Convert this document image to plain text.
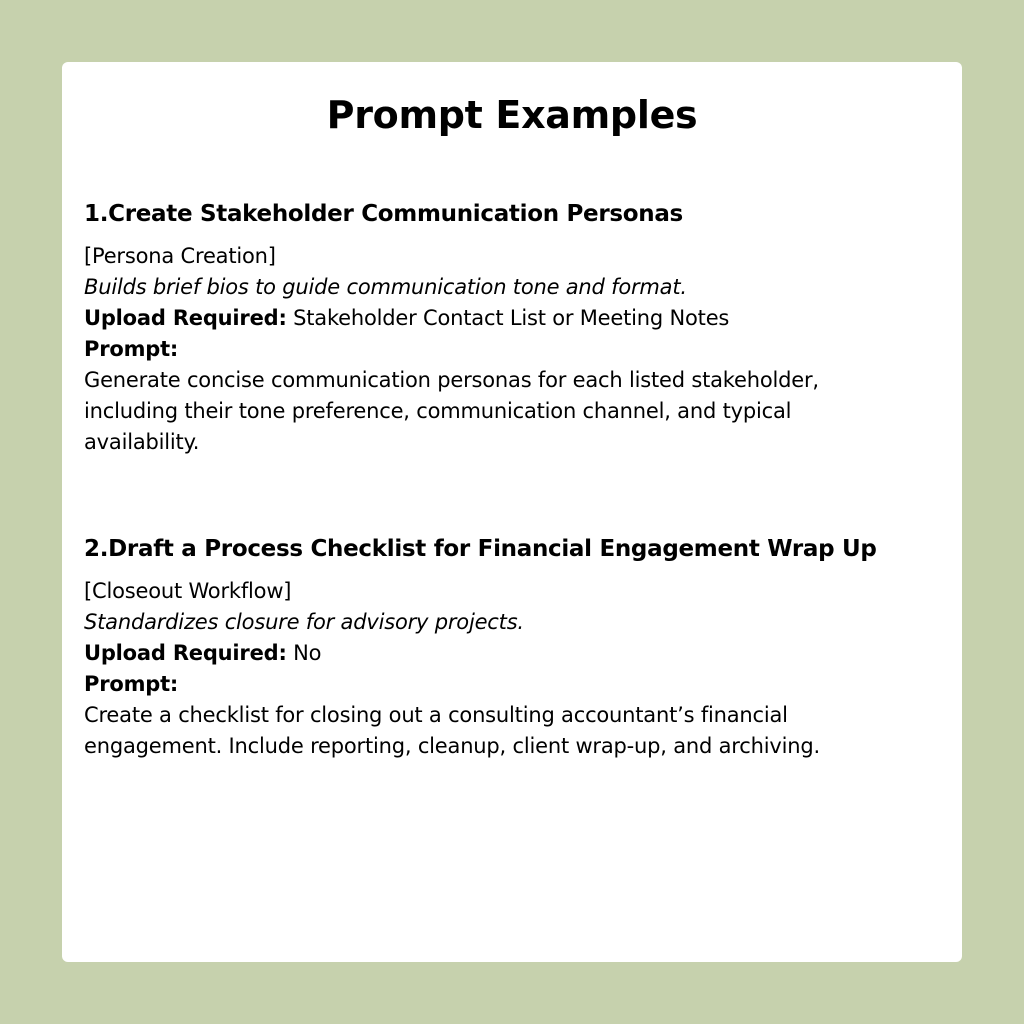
Prompt Examples
1.Create Stakeholder Communication Personas
[Persona Creation]
Builds brief bios to guide communication tone and format.
Upload Required: Stakeholder Contact List or Meeting Notes
Prompt:
Generate concise communication personas for each listed stakeholder,
including their tone preference, communication channel, and typical
availability.
2.Draft a Process Checklist for Financial Engagement Wrap Up
[Closeout Workflow]
Standardizes closure for advisory projects.
Upload Required: No
Prompt:
Create a checklist for closing out a consulting accountant’s financial
engagement. Include reporting, cleanup, client wrap-up, and archiving.
